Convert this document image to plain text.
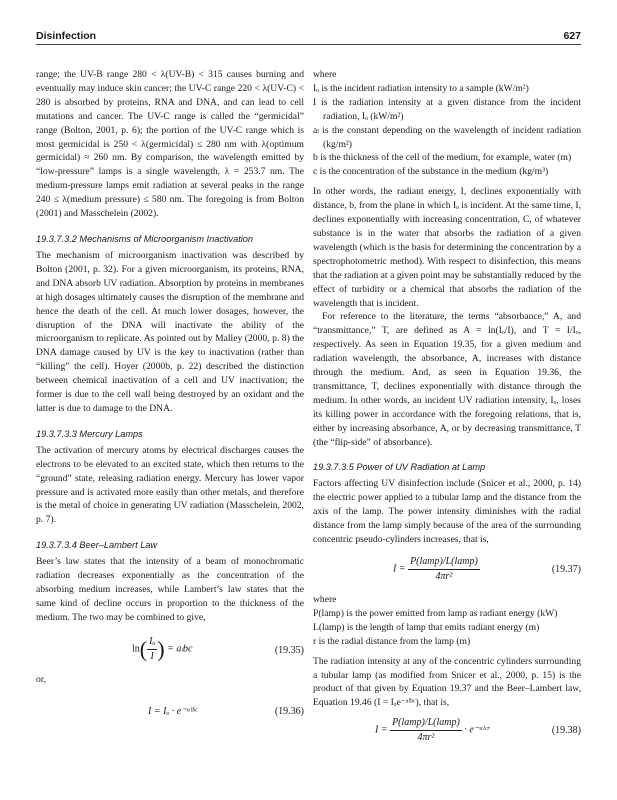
Disinfection	627

range; the UV-B range 280 < λ(UV-B) < 315 causes burning and eventually may induce skin cancer; the UV-C range 220 < λ(UV-C) < 280 is absorbed by proteins, RNA and DNA, and can lead to cell mutations and cancer. The UV-C range is called the “germicidal” range (Bolton, 2001, p. 6); the portion of the UV-C range which is most germicidal is 250 < λ(germicidal) ≤ 280 nm with λ(optimum germicidal) ≈ 260 nm. By comparison, the wavelength emitted by “low-pressure” lamps is a single wavelength, λ = 253.7 nm. The medium-pressure lamps emit radiation at several peaks in the range 240 ≤ λ(medium pressure) ≤ 580 nm. The foregoing is from Bolton (2001) and Masschelein (2002).

19.3.7.3.2 Mechanisms of Microorganism Inactivation

The mechanism of microorganism inactivation was described by Bolton (2001, p. 32). For a given microorganism, its proteins, RNA, and DNA absorb UV radiation. Absorption by proteins in membranes at high dosages ultimately causes the disruption of the membrane and hence the death of the cell. At much lower dosages, however, the disruption of the DNA will inactivate the ability of the microorganism to replicate. As pointed out by Malley (2000, p. 8) the DNA damage caused by UV is the key to inactivation (rather than “killing” the cell). Hoyer (2000b, p. 22) described the distinction between chemical inactivation of a cell and UV inactivation; the former is due to the cell wall being destroyed by an oxidant and the latter is due to damage to the DNA.

19.3.7.3.3 Mercury Lamps

The activation of mercury atoms by electrical discharges causes the electrons to be elevated to an excited state, which then returns to the “ground” state, releasing radiation energy. Mercury has lower vapor pressure and is activated more easily than other metals, and therefore is the metal of choice in generating UV radiation (Masschelein, 2002, p. 7).

19.3.7.3.4 Beer–Lambert Law

Beer’s law states that the intensity of a beam of monochromatic radiation decreases exponentially as the concentration of the absorbing medium increases, while Lambert’s law states that the same kind of decline occurs in proportion to the thickness of the medium. The two may be combined to give,

$\ln( \frac{\text{Iₒ}}{I}$ ) = aₗbc	(19.35)

or,

I = Iₒ · e⁻ᵃˡᵇᶜ	(19.36)

where

Iₒ is the incident radiation intensity to a sample (kW/m²)

I is the radiation intensity at a given distance from the incident radiation, Iₒ (kW/m²)

aₗ is the constant depending on the wavelength of incident radiation (kg/m²)

b is the thickness of the cell of the medium, for example, water (m)

c is the concentration of the substance in the medium (kg/m³)

In other words, the radiant energy, I, declines exponentially with distance, b, from the plane in which Iₒ is incident. At the same time, I, declines exponentially with increasing concentration, C, of whatever substance is in the water that absorbs the radiation of a given wavelength (which is the basis for determining the concentration by a spectrophotometric method). With respect to disinfection, this means that the radiation at a given point may be substantially reduced by the effect of turbidity or a chemical that absorbs the radiation of the wavelength that is incident.

For reference to the literature, the terms “absorbance,” A, and “transmittance,” T, are defined as A = ln(Iₒ/I), and T = I/Iₒ, respectively. As seen in Equation 19.35, for a given medium and radiation wavelength, the absorbance, A, increases with distance through the medium. And, as seen in Equation 19.36, the transmittance, T, declines exponentially with distance through the medium. In other words, an incident UV radiation intensity, Iₒ, loses its killing power in accordance with the foregoing relations, that is, either by increasing absorbance, A, or by decreasing transmittance, T (the “flip-side” of absorbance).

19.3.7.3.5 Power of UV Radiation at Lamp

Factors affecting UV disinfection include (Snicer et al., 2000, p. 14) the electric power applied to a tubular lamp and the distance from the axis of the lamp. The power intensity diminishes with the radial distance from the lamp simply because of the area of the surrounding concentric pseudo-cylinders increases, that is,

$I = \frac{\text{P(lamp)/L(lamp)}}{\text{4πr²}}$	(19.37)

where

P(lamp) is the power emitted from lamp as radiant energy (kW)

L(lamp) is the length of lamp that emits radiant energy (m)

r is the radial distance from the lamp (m)

The radiation intensity at any of the concentric cylinders surrounding a tubular lamp (as modified from Snicer et al., 2000, p. 15) is the product of that given by Equation 19.37 and the Beer–Lambert law, Equation 19.46 (I = Iₒe⁻ᵃˡᵇᶜ), that is,

$I = \frac{\text{P(lamp)/L(lamp)}}{\text{4πr²}}$ · e⁻ᵃˡᶜʳ	(19.38)
